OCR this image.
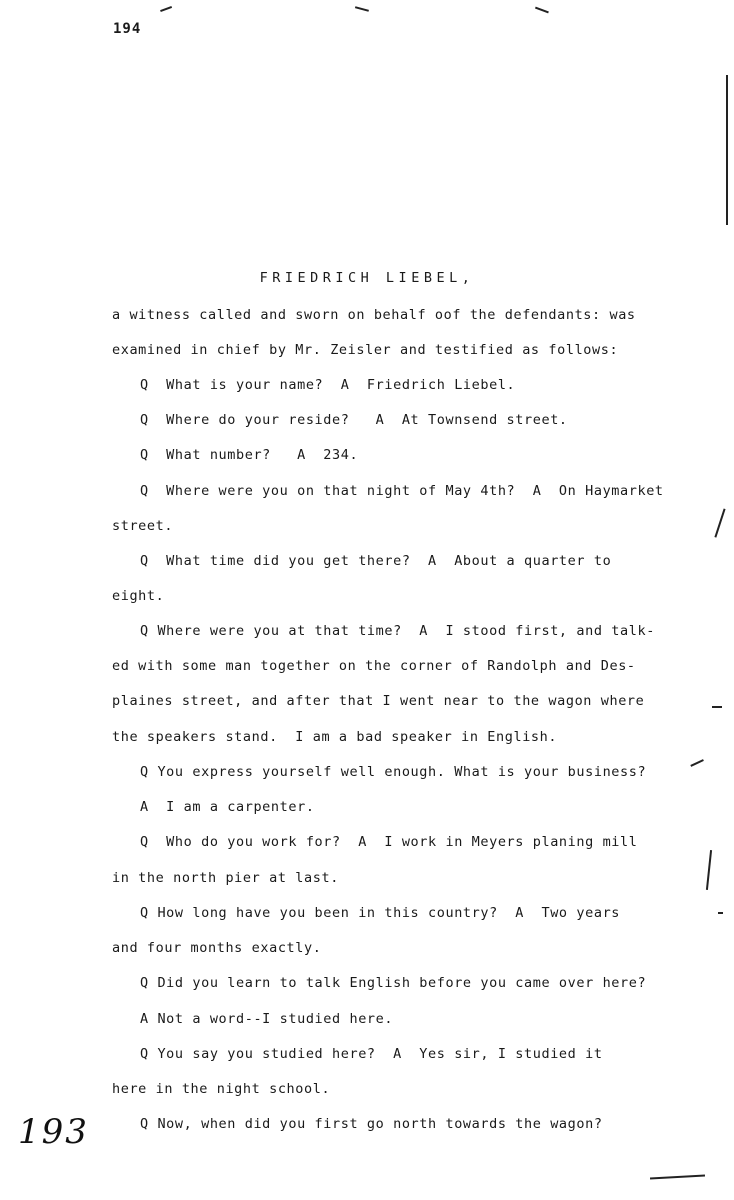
194
FRIEDRICH LIEBEL,
a witness called and sworn on behalf oof the defendants: was
examined in chief by Mr. Zeisler and testified as follows:
Q  What is your name?  A  Friedrich Liebel.
Q  Where do your reside?   A  At Townsend street.
Q  What number?   A  234.
Q  Where were you on that night of May 4th?  A  On Haymarket
street.
Q  What time did you get there?  A  About a quarter to
eight.
Q Where were you at that time?  A  I stood first, and talk-
ed with some man together on the corner of Randolph and Des-
plaines street, and after that I went near to the wagon where
the speakers stand.  I am a bad speaker in English.
Q You express yourself well enough. What is your business?
A  I am a carpenter.
Q  Who do you work for?  A  I work in Meyers planing mill
in the north pier at last.
Q How long have you been in this country?  A  Two years
and four months exactly.
Q Did you learn to talk English before you came over here?
A Not a word--I studied here.
Q You say you studied here?  A  Yes sir, I studied it
here in the night school.
Q Now, when did you first go north towards the wagon?
193
